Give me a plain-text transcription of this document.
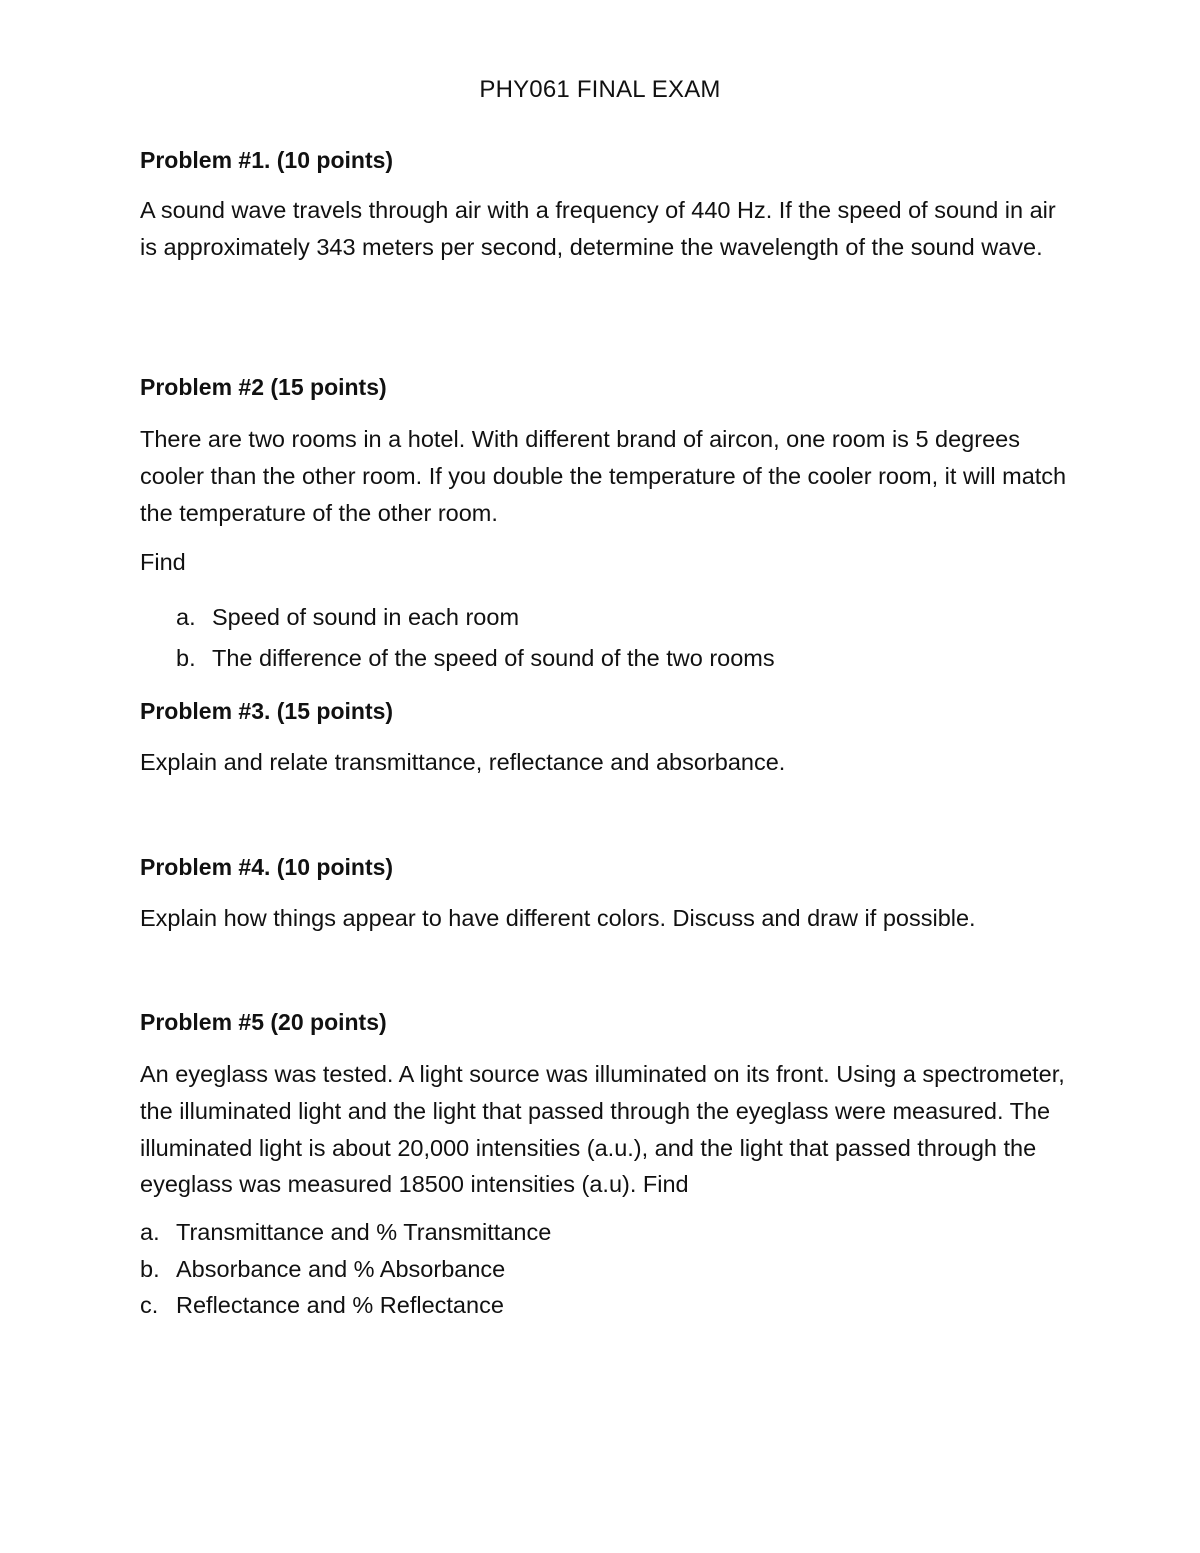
PHY061 FINAL EXAM
Problem #1. (10 points)

A sound wave travels through air with a frequency of 440 Hz. If the speed of sound in air is approximately 343 meters per second, determine the wavelength of the sound wave.

Problem #2 (15 points)

There are two rooms in a hotel. With different brand of aircon, one room is 5 degrees cooler than the other room. If you double the temperature of the cooler room, it will match the temperature of the other room.

Find

a. Speed of sound in each room
b. The difference of the speed of sound of the two rooms
Problem #3. (15 points)

Explain and relate transmittance, reflectance and absorbance.

Problem #4. (10 points)

Explain how things appear to have different colors. Discuss and draw if possible.

Problem #5 (20 points)

An eyeglass was tested. A light source was illuminated on its front. Using a spectrometer, the illuminated light and the light that passed through the eyeglass were measured. The illuminated light is about 20,000 intensities (a.u.), and the light that passed through the eyeglass was measured 18500 intensities (a.u). Find

a. Transmittance and % Transmittance
b. Absorbance and % Absorbance
c. Reflectance and % Reflectance
